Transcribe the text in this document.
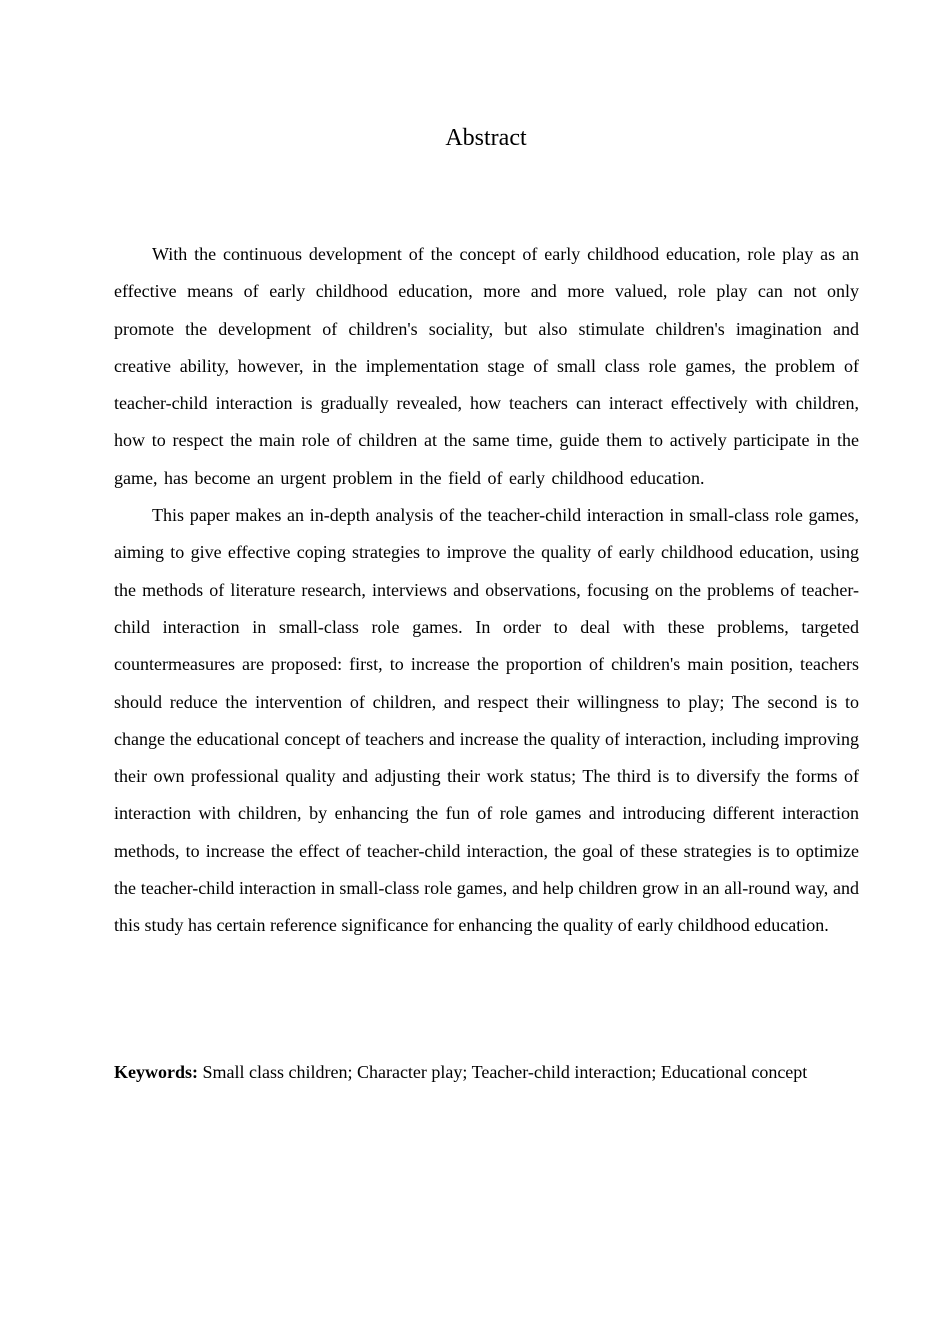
Abstract

With the continuous development of the concept of early childhood education, role play as an effective means of early childhood education, more and more valued, role play can not only promote the development of children's sociality, but also stimulate children's imagination and creative ability, however, in the implementation stage of small class role games, the problem of teacher-child interaction is gradually revealed, how teachers can interact effectively with children, how to respect the main role of children at the same time, guide them to actively participate in the game, has become an urgent problem in the field of early childhood education.

This paper makes an in-depth analysis of the teacher-child interaction in small-class role games, aiming to give effective coping strategies to improve the quality of early childhood education, using the methods of literature research, interviews and observations, focusing on the problems of teacher-child interaction in small-class role games. In order to deal with these problems, targeted countermeasures are proposed: first, to increase the proportion of children's main position, teachers should reduce the intervention of children, and respect their willingness to play; The second is to change the educational concept of teachers and increase the quality of interaction, including improving their own professional quality and adjusting their work status; The third is to diversify the forms of interaction with children, by enhancing the fun of role games and introducing different interaction methods, to increase the effect of teacher-child interaction, the goal of these strategies is to optimize the teacher-child interaction in small-class role games, and help children grow in an all-round way, and this study has certain reference significance for enhancing the quality of early childhood education.

Keywords: Small class children; Character play; Teacher-child interaction; Educational concept
